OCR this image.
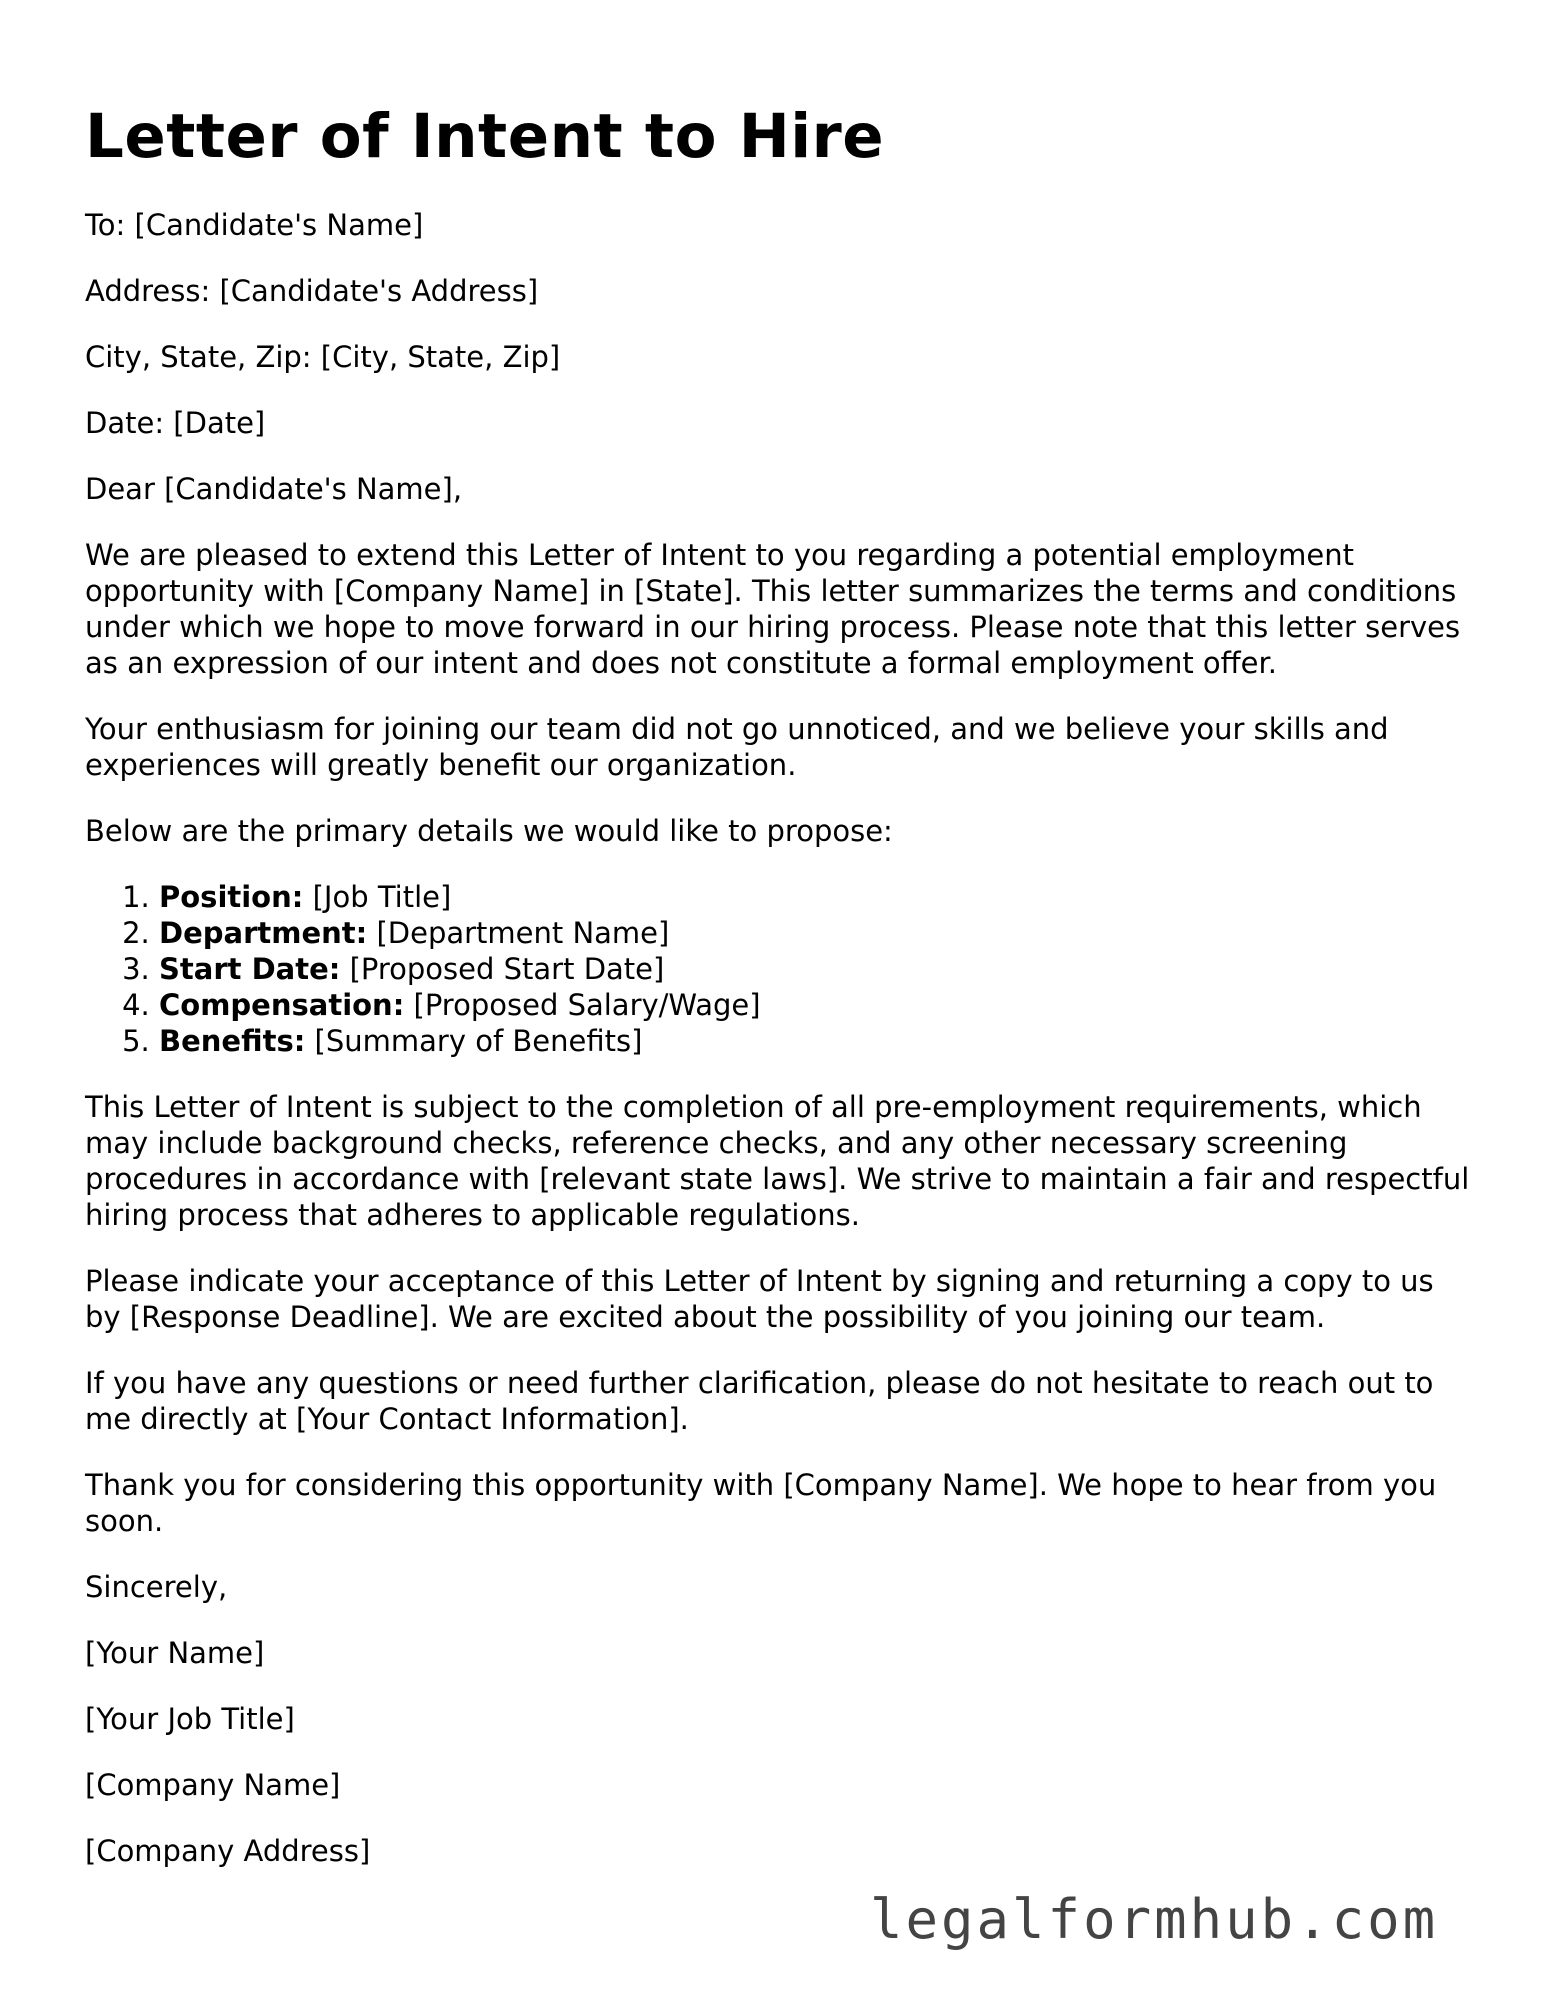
Letter of Intent to Hire

To: [Candidate's Name]

Address: [Candidate's Address]

City, State, Zip: [City, State, Zip]

Date: [Date]

Dear [Candidate's Name],

We are pleased to extend this Letter of Intent to you regarding a potential employment opportunity with [Company Name] in [State]. This letter summarizes the terms and conditions under which we hope to move forward in our hiring process. Please note that this letter serves as an expression of our intent and does not constitute a formal employment offer.

Your enthusiasm for joining our team did not go unnoticed, and we believe your skills and experiences will greatly benefit our organization.

Below are the primary details we would like to propose:

1. Position: [Job Title]
2. Department: [Department Name]
3. Start Date: [Proposed Start Date]
4. Compensation: [Proposed Salary/Wage]
5. Benefits: [Summary of Benefits]

This Letter of Intent is subject to the completion of all pre-employment requirements, which may include background checks, reference checks, and any other necessary screening procedures in accordance with [relevant state laws]. We strive to maintain a fair and respectful hiring process that adheres to applicable regulations.

Please indicate your acceptance of this Letter of Intent by signing and returning a copy to us by [Response Deadline]. We are excited about the possibility of you joining our team.

If you have any questions or need further clarification, please do not hesitate to reach out to me directly at [Your Contact Information].

Thank you for considering this opportunity with [Company Name]. We hope to hear from you soon.

Sincerely,

[Your Name]

[Your Job Title]

[Company Name]

[Company Address]

legalformhub.com
